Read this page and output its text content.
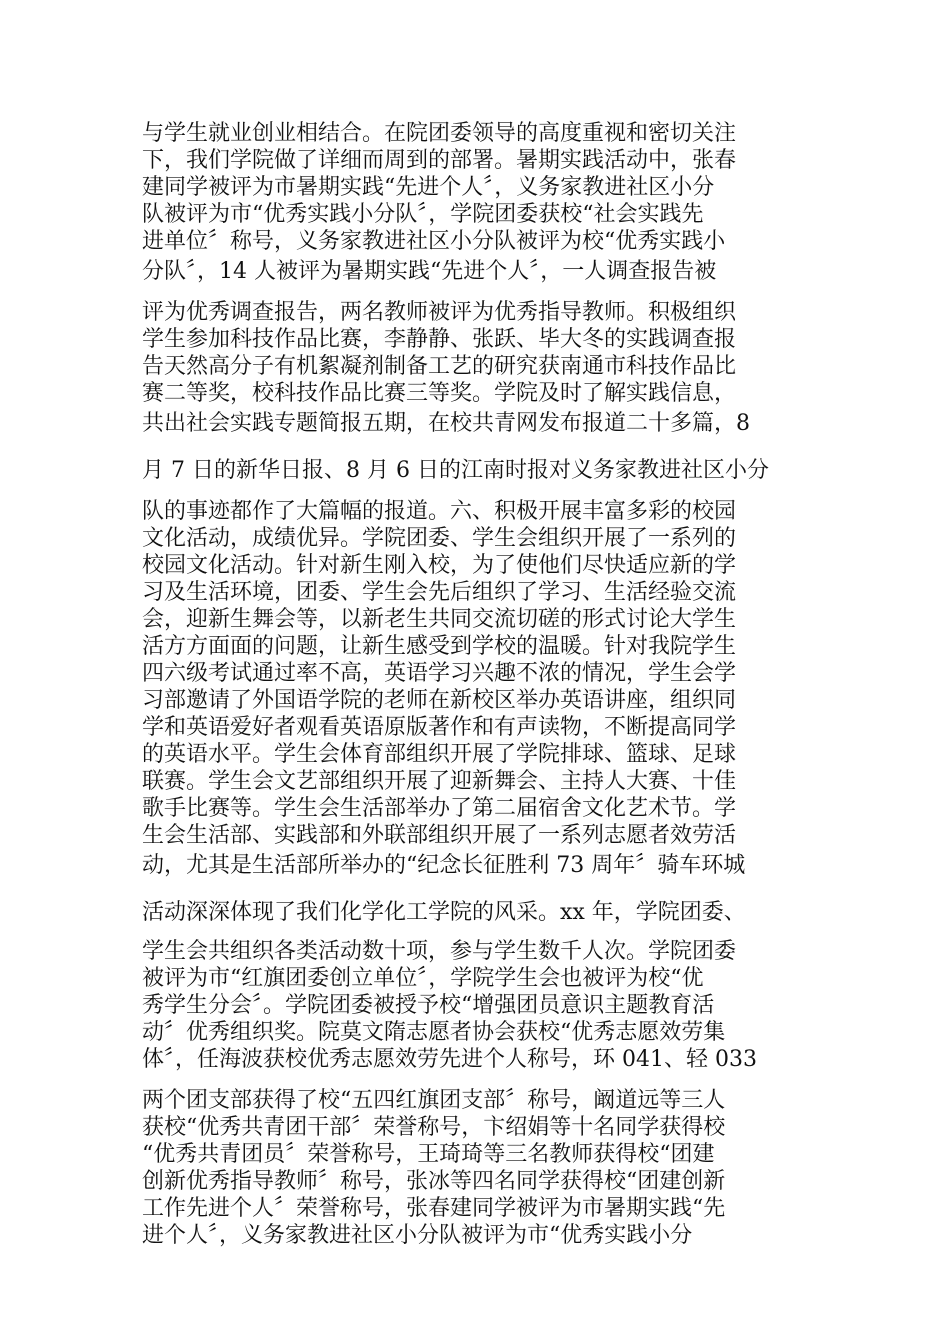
与学生就业创业相结合。在院团委领导的高度重视和密切关注
下，我们学院做了详细而周到的部署。暑期实践活动中，张春
建同学被评为市暑期实践“先进个人〞，义务家教进社区小分
队被评为市“优秀实践小分队〞，学院团委获校“社会实践先
进单位〞称号，义务家教进社区小分队被评为校“优秀实践小
分队〞，14 人被评为暑期实践“先进个人〞，一人调查报告被
评为优秀调查报告，两名教师被评为优秀指导教师。积极组织
学生参加科技作品比赛，李静静、张跃、毕大冬的实践调查报
告天然高分子有机絮凝剂制备工艺的研究获南通市科技作品比
赛二等奖，校科技作品比赛三等奖。学院及时了解实践信息，
共出社会实践专题简报五期，在校共青网发布报道二十多篇，8
月 7 日的新华日报、8 月 6 日的江南时报对义务家教进社区小分
队的事迹都作了大篇幅的报道。六、积极开展丰富多彩的校园
文化活动，成绩优异。学院团委、学生会组织开展了一系列的
校园文化活动。针对新生刚入校，为了使他们尽快适应新的学
习及生活环境，团委、学生会先后组织了学习、生活经验交流
会，迎新生舞会等，以新老生共同交流切磋的形式讨论大学生
活方方面面的问题，让新生感受到学校的温暖。针对我院学生
四六级考试通过率不高，英语学习兴趣不浓的情况，学生会学
习部邀请了外国语学院的老师在新校区举办英语讲座，组织同
学和英语爱好者观看英语原版著作和有声读物，不断提高同学
的英语水平。学生会体育部组织开展了学院排球、篮球、足球
联赛。学生会文艺部组织开展了迎新舞会、主持人大赛、十佳
歌手比赛等。学生会生活部举办了第二届宿舍文化艺术节。学
生会生活部、实践部和外联部组织开展了一系列志愿者效劳活
动，尤其是生活部所举办的“纪念长征胜利 73 周年〞骑车环城
活动深深体现了我们化学化工学院的风采。xx 年，学院团委、
学生会共组织各类活动数十项，参与学生数千人次。学院团委
被评为市“红旗团委创立单位〞，学院学生会也被评为校“优
秀学生分会〞。学院团委被授予校“增强团员意识主题教育活
动〞优秀组织奖。院莫文隋志愿者协会获校“优秀志愿效劳集
体〞，任海波获校优秀志愿效劳先进个人称号，环 041、轻 033
两个团支部获得了校“五四红旗团支部〞称号，阚道远等三人
获校“优秀共青团干部〞荣誉称号，卞绍娟等十名同学获得校
“优秀共青团员〞荣誉称号，王琦琦等三名教师获得校“团建
创新优秀指导教师〞称号，张冰等四名同学获得校“团建创新
工作先进个人〞荣誉称号，张春建同学被评为市暑期实践“先
进个人〞，义务家教进社区小分队被评为市“优秀实践小分
